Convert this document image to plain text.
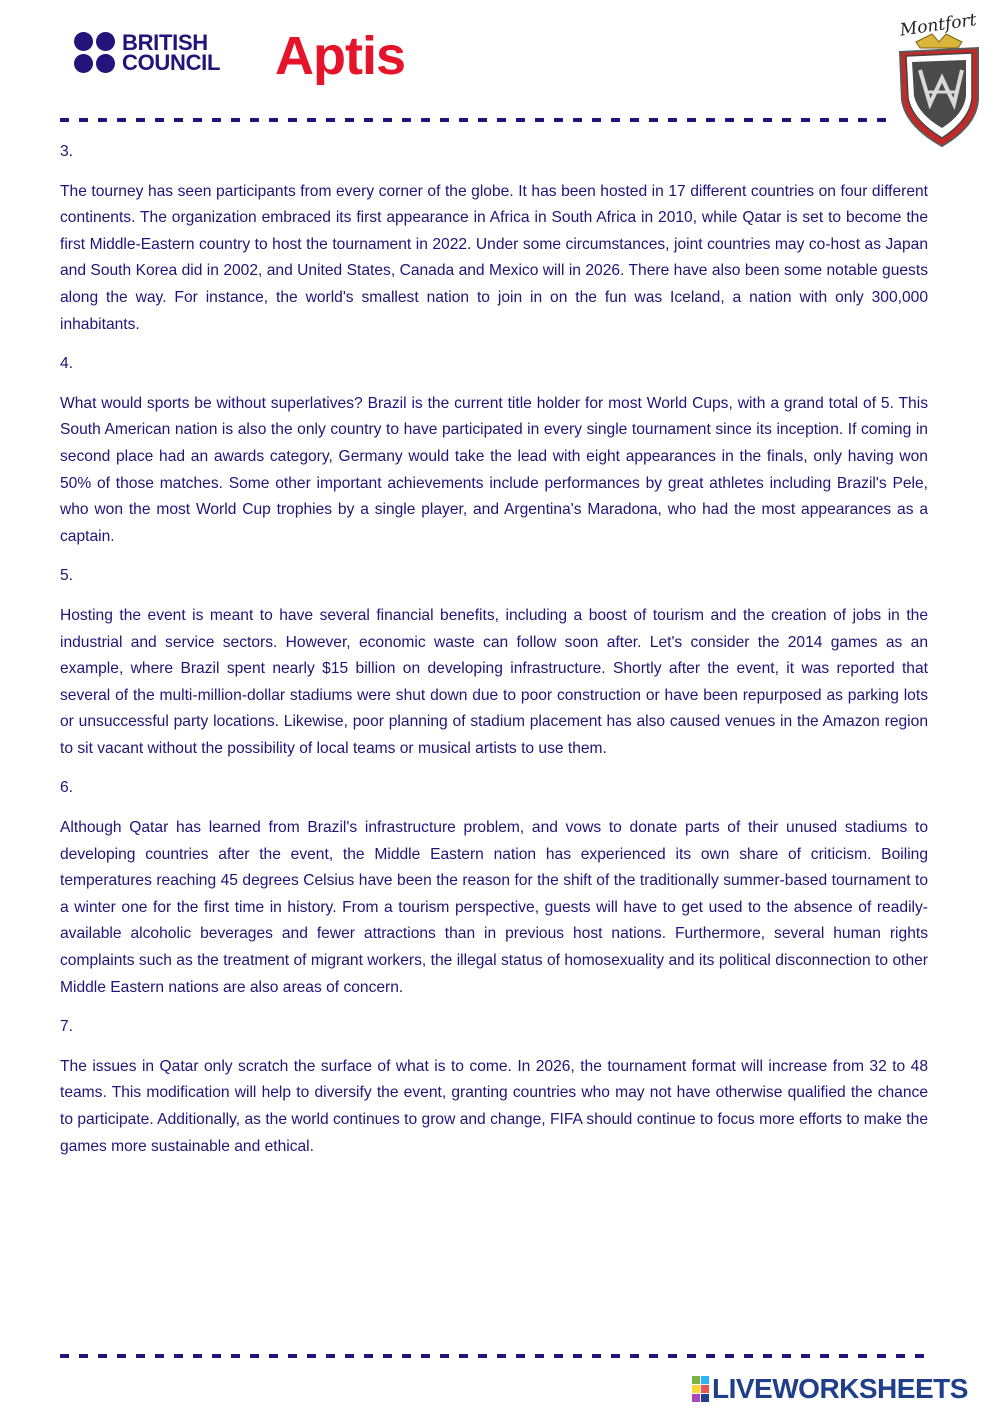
BRITISH
COUNCIL Aptis
Montfort

3.

The tourney has seen participants from every corner of the globe. It has been hosted in 17 different countries on four different continents. The organization embraced its first appearance in Africa in South Africa in 2010, while Qatar is set to become the first Middle-Eastern country to host the tournament in 2022. Under some circumstances, joint countries may co-host as Japan and South Korea did in 2002, and United States, Canada and Mexico will in 2026. There have also been some notable guests along the way. For instance, the world's smallest nation to join in on the fun was Iceland, a nation with only 300,000 inhabitants.

4.

What would sports be without superlatives? Brazil is the current title holder for most World Cups, with a grand total of 5. This South American nation is also the only country to have participated in every single tournament since its inception. If coming in second place had an awards category, Germany would take the lead with eight appearances in the finals, only having won 50% of those matches. Some other important achievements include performances by great athletes including Brazil's Pele, who won the most World Cup trophies by a single player, and Argentina's Maradona, who had the most appearances as a captain.

5.

Hosting the event is meant to have several financial benefits, including a boost of tourism and the creation of jobs in the industrial and service sectors. However, economic waste can follow soon after. Let's consider the 2014 games as an example, where Brazil spent nearly $15 billion on developing infrastructure. Shortly after the event, it was reported that several of the multi-million-dollar stadiums were shut down due to poor construction or have been repurposed as parking lots or unsuccessful party locations. Likewise, poor planning of stadium placement has also caused venues in the Amazon region to sit vacant without the possibility of local teams or musical artists to use them.

6.

Although Qatar has learned from Brazil's infrastructure problem, and vows to donate parts of their unused stadiums to developing countries after the event, the Middle Eastern nation has experienced its own share of criticism. Boiling temperatures reaching 45 degrees Celsius have been the reason for the shift of the traditionally summer-based tournament to a winter one for the first time in history. From a tourism perspective, guests will have to get used to the absence of readily-available alcoholic beverages and fewer attractions than in previous host nations. Furthermore, several human rights complaints such as the treatment of migrant workers, the illegal status of homosexuality and its political disconnection to other Middle Eastern nations are also areas of concern.

7.

The issues in Qatar only scratch the surface of what is to come. In 2026, the tournament format will increase from 32 to 48 teams. This modification will help to diversify the event, granting countries who may not have otherwise qualified the chance to participate. Additionally, as the world continues to grow and change, FIFA should continue to focus more efforts to make the games more sustainable and ethical.

LIVEWORKSHEETS
